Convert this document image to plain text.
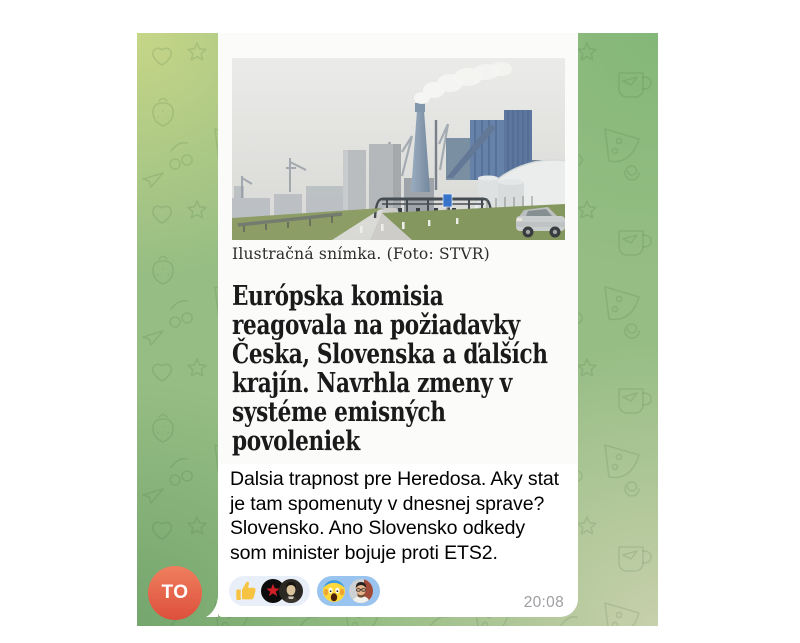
Ilustračná snímka. (Foto: STVR)
Európska komisia
reagovala na požiadavky
Česka, Slovenska a ďalších
krajín. Navrhla zmeny v
systéme emisných
povoleniek
Dalsia trapnost pre Heredosa. Aky stat
je tam spomenuty v dnesnej sprave?
Slovensko. Ano Slovensko odkedy
som minister bojuje proti ETS2.
20:08
TO
